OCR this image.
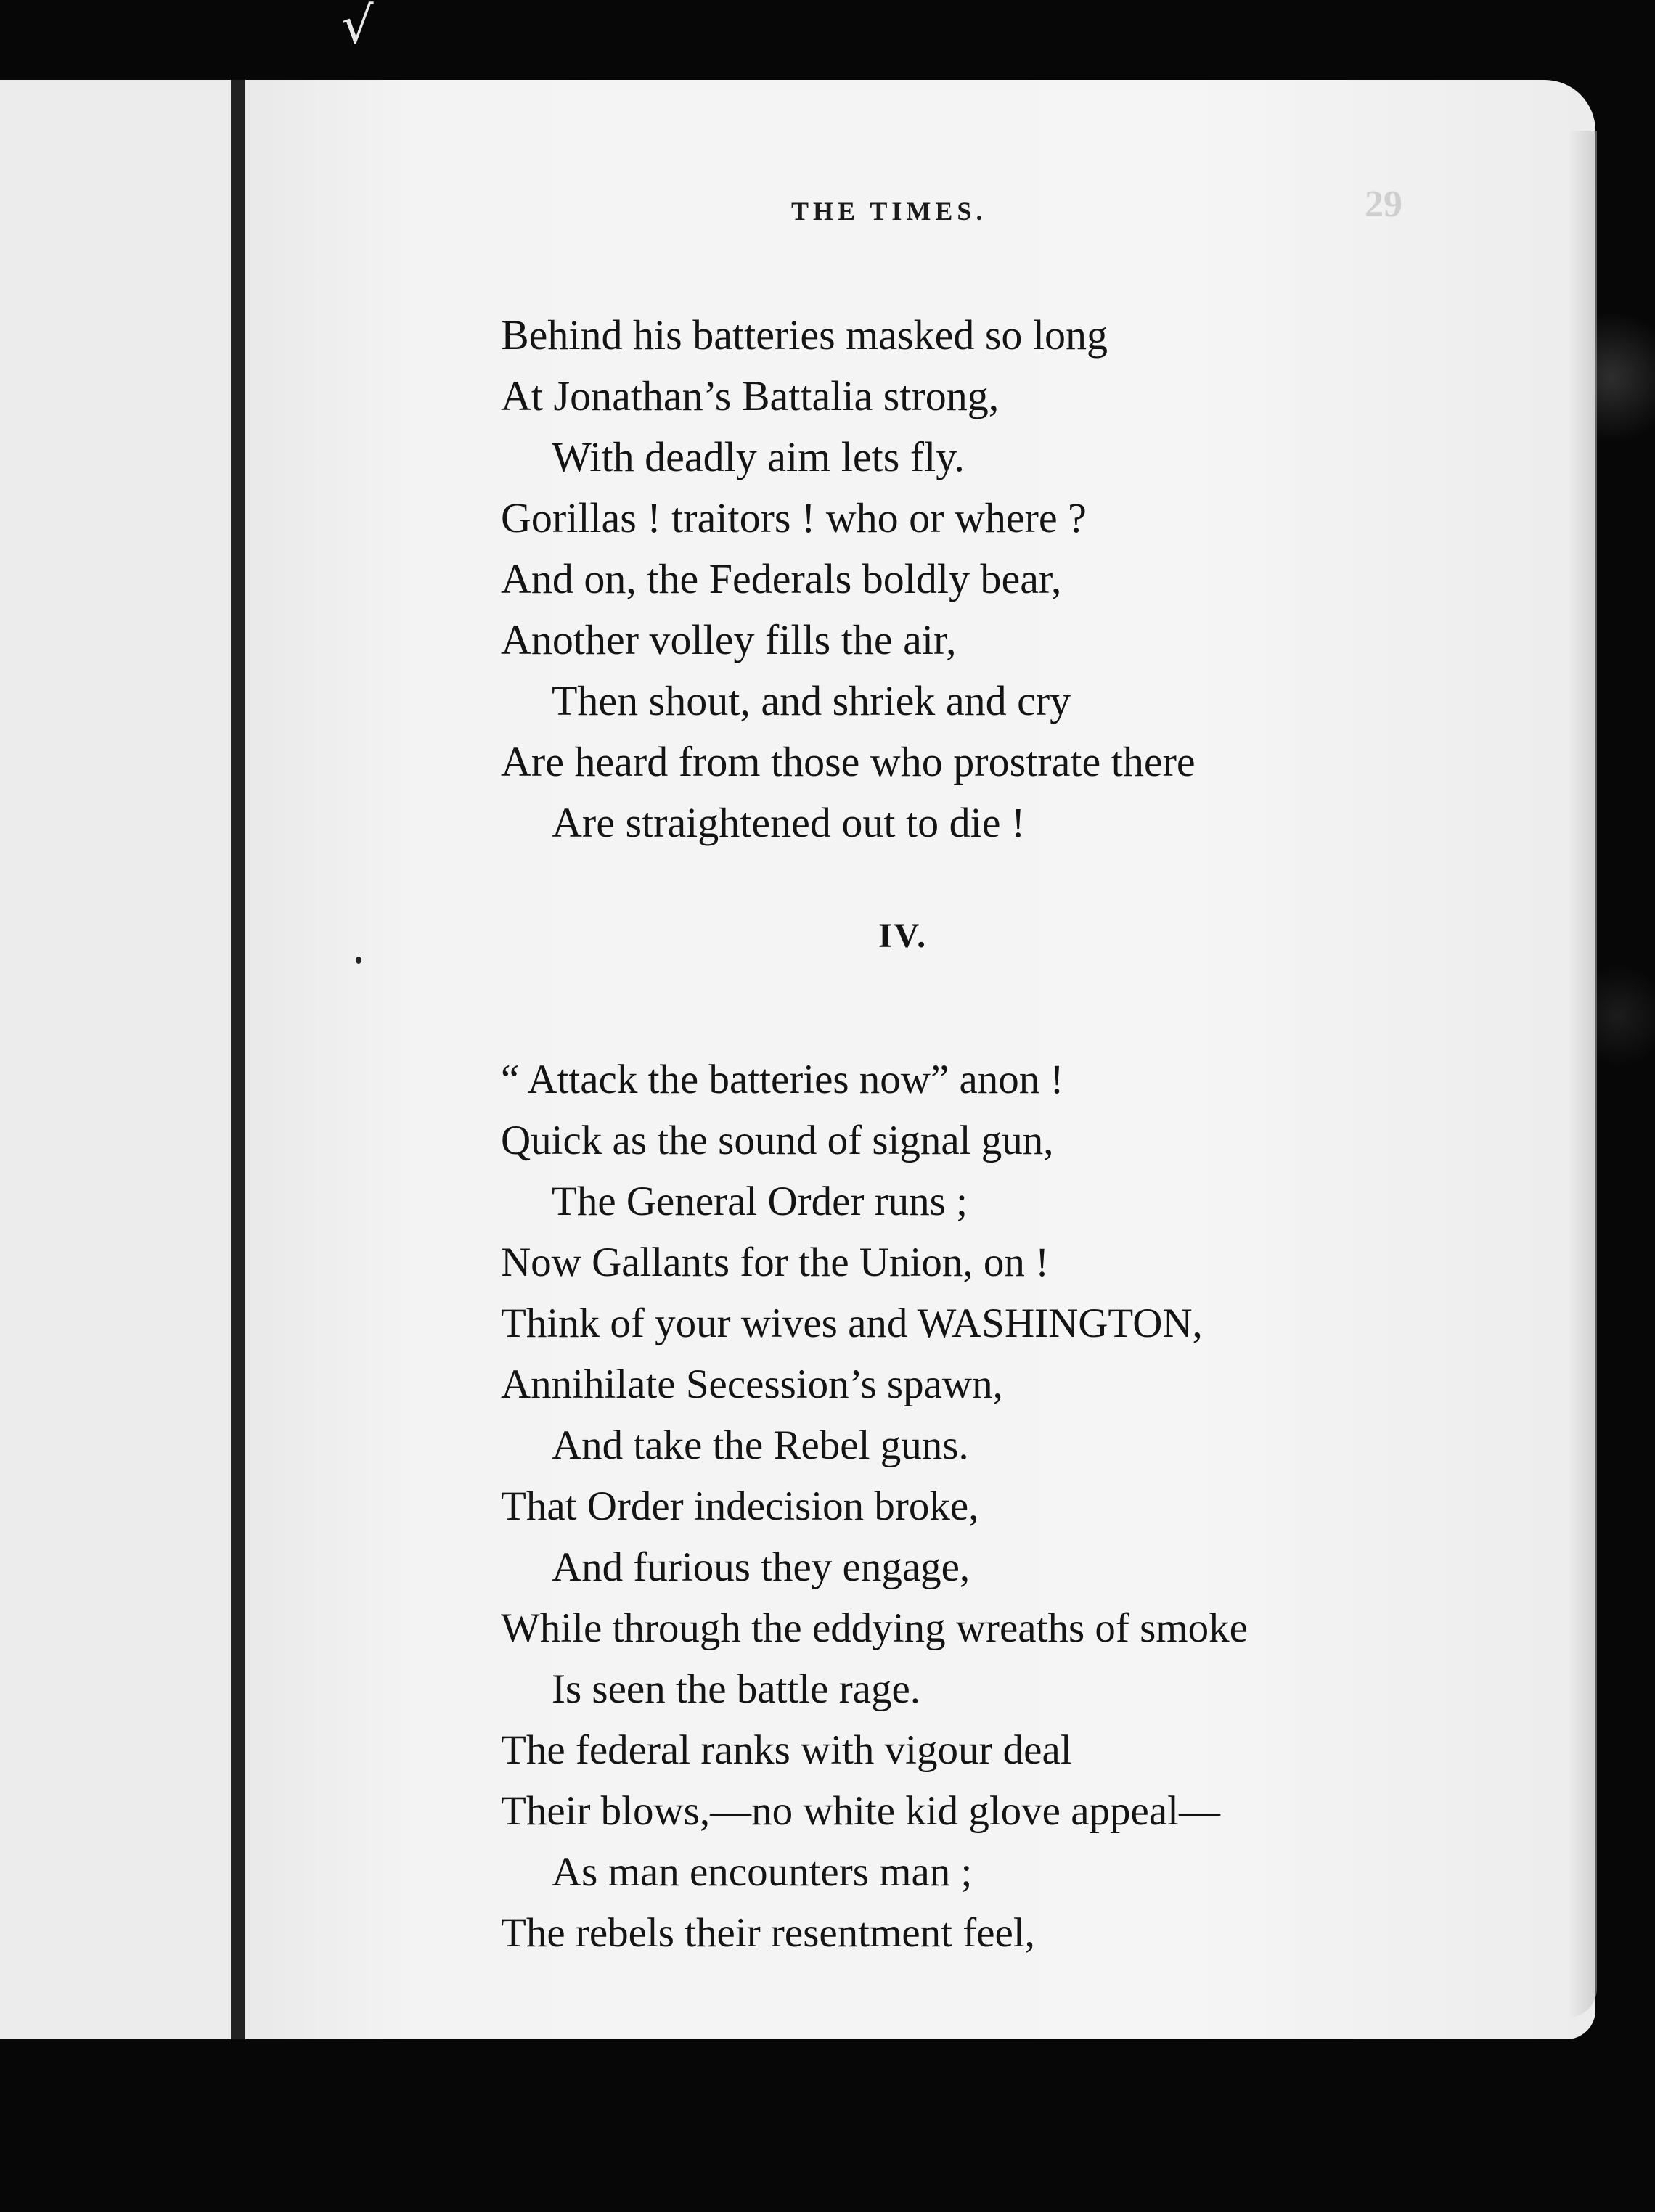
√
THE TIMES.	29
Behind his batteries masked so long
At Jonathan’s Battalia strong,
With deadly aim lets fly.
Gorillas ! traitors ! who or where ?
And on, the Federals boldly bear,
Another volley fills the air,
Then shout, and shriek and cry
Are heard from those who prostrate there
Are straightened out to die !
IV.
“ Attack the batteries now” anon !
Quick as the sound of signal gun,
The General Order runs ;
Now Gallants for the Union, on !
Think of your wives and WASHINGTON,
Annihilate Secession’s spawn,
And take the Rebel guns.
That Order indecision broke,
And furious they engage,
While through the eddying wreaths of smoke
Is seen the battle rage.
The federal ranks with vigour deal
Their blows,—no white kid glove appeal—
As man encounters man ;
The rebels their resentment feel,
